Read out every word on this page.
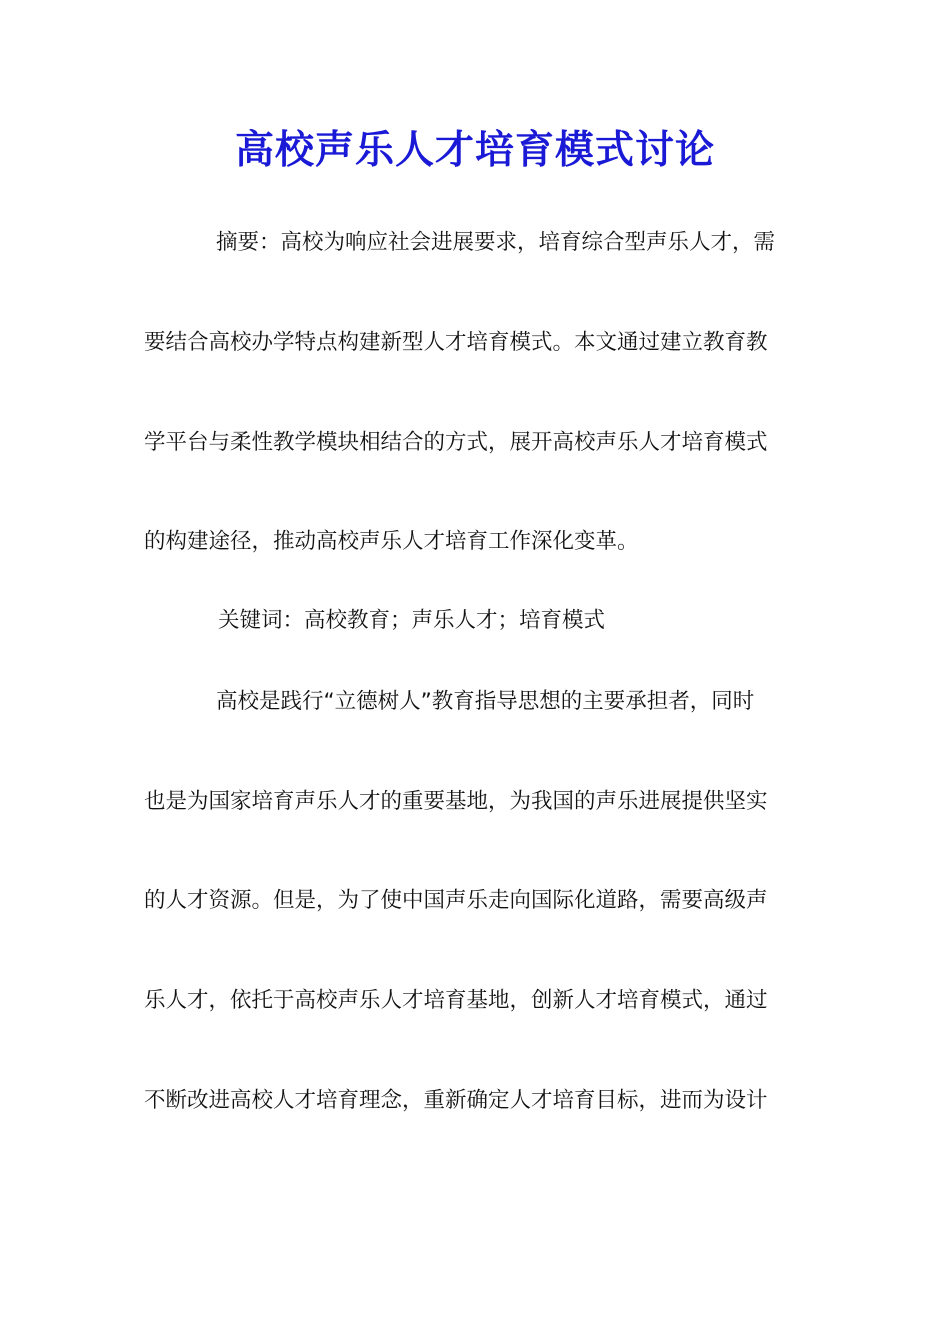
高校声乐人才培育模式讨论
摘要：高校为响应社会进展要求，培育综合型声乐人才，需
要结合高校办学特点构建新型人才培育模式。本文通过建立教育教
学平台与柔性教学模块相结合的方式，展开高校声乐人才培育模式
的构建途径，推动高校声乐人才培育工作深化变革。
关键词：高校教育；声乐人才；培育模式
高校是践行“立德树人”教育指导思想的主要承担者，同时
也是为国家培育声乐人才的重要基地，为我国的声乐进展提供坚实
的人才资源。但是，为了使中国声乐走向国际化道路，需要高级声
乐人才，依托于高校声乐人才培育基地，创新人才培育模式，通过
不断改进高校人才培育理念，重新确定人才培育目标，进而为设计
